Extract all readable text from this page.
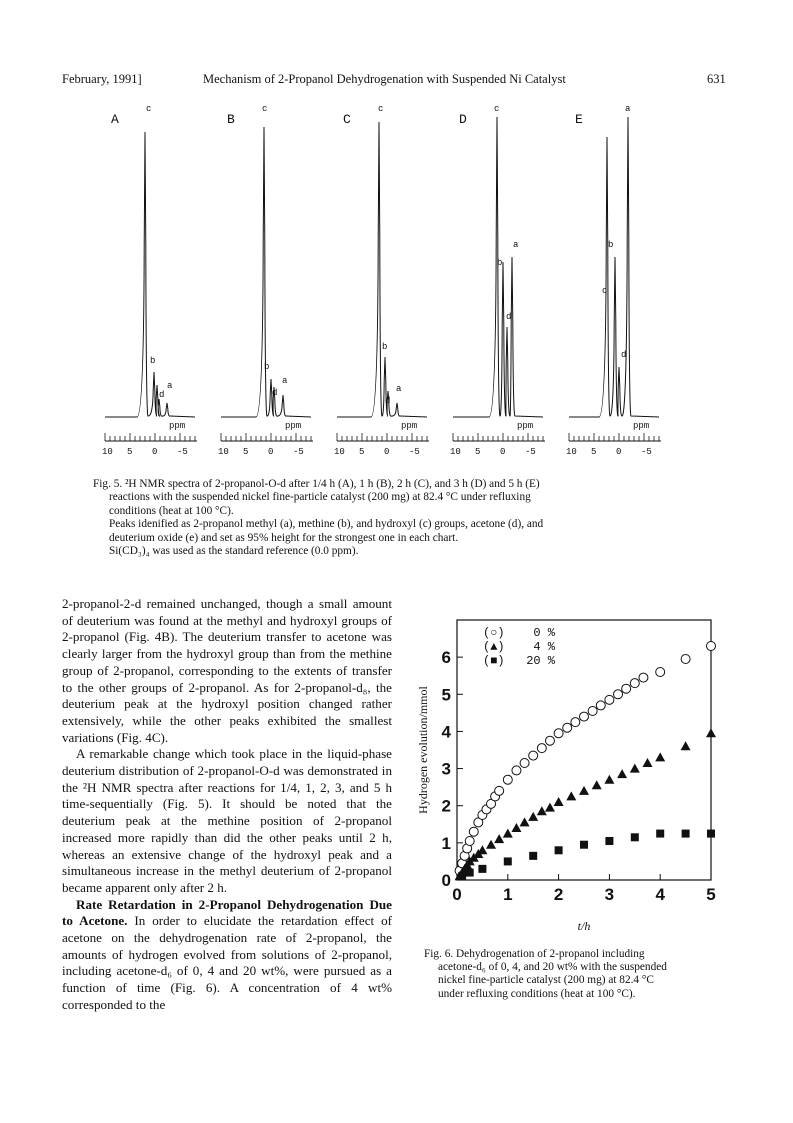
February, 1991]	Mechanism of 2-Propanol Dehydrogenation with Suspended Ni Catalyst	631
A
c
b
a
d
ppm
10 5 0 -5
B
c
b
a
d
ppm
10 5 0 -5
C
c
b
a
d
ppm
10 5 0 -5
D
c
a
b
d
ppm
10 5 0 -5
E
a
b
c
d
ppm
10 5 0 -5

Fig. 5. ²H NMR spectra of 2-propanol-O-d after 1/4 h (A), 1 h (B), 2 h (C), and 3 h (D) and 5 h (E)

reactions with the suspended nickel fine-particle catalyst (200 mg) at 82.4 °C under refluxing

conditions (heat at 100 °C).

Peaks idenified as 2-propanol methyl (a), methine (b), and hydroxyl (c) groups, acetone (d), and

deuterium oxide (e) and set as 95% height for the strongest one in each chart.

Si(CD₃)₄ was used as the standard reference (0.0 ppm).

2-propanol-2-d remained unchanged, though a small amount of deuterium was found at the methyl and hydroxyl groups of 2-propanol (Fig. 4B). The deuterium transfer to acetone was clearly larger from the hydroxyl group than from the methine group of 2-propanol, corresponding to the extents of transfer to the other groups of 2-propanol. As for 2-propanol-d₈, the deuterium peak at the hydroxyl position changed rather extensively, while the other peaks exhibited the smallest variations (Fig. 4C).

A remarkable change which took place in the liquid-phase deuterium distribution of 2-propanol-O-d was demonstrated in the ²H NMR spectra after reactions for 1/4, 1, 2, 3, and 5 h time-sequentially (Fig. 5). It should be noted that the deuterium peak at the methine position of 2-propanol increased more rapidly than did the other peaks until 2 h, whereas an extensive change of the hydroxyl peak and a simultaneous increase in the methyl deuterium of 2-propanol became apparent only after 2 h.

Rate Retardation in 2-Propanol Dehydrogenation Due to Acetone. In order to elucidate the retardation effect of acetone on the dehydrogenation rate of 2-propanol, the amounts of hydrogen evolved from solutions of 2-propanol, including acetone-d₆ of 0, 4 and 20 wt%, were pursued as a function of time (Fig. 6). A concentration of 4 wt% corresponded to the

0 1 2 3 4 5
0
1
2
3
4
5
6
Hydrogen evolution/mmol
t/h
(○) 0 %
(▲) 4 %
(■) 20 %

Fig. 6. Dehydrogenation of 2-propanol including

acetone-d₆ of 0, 4, and 20 wt% with the suspended

nickel fine-particle catalyst (200 mg) at 82.4 °C

under refluxing conditions (heat at 100 °C).
